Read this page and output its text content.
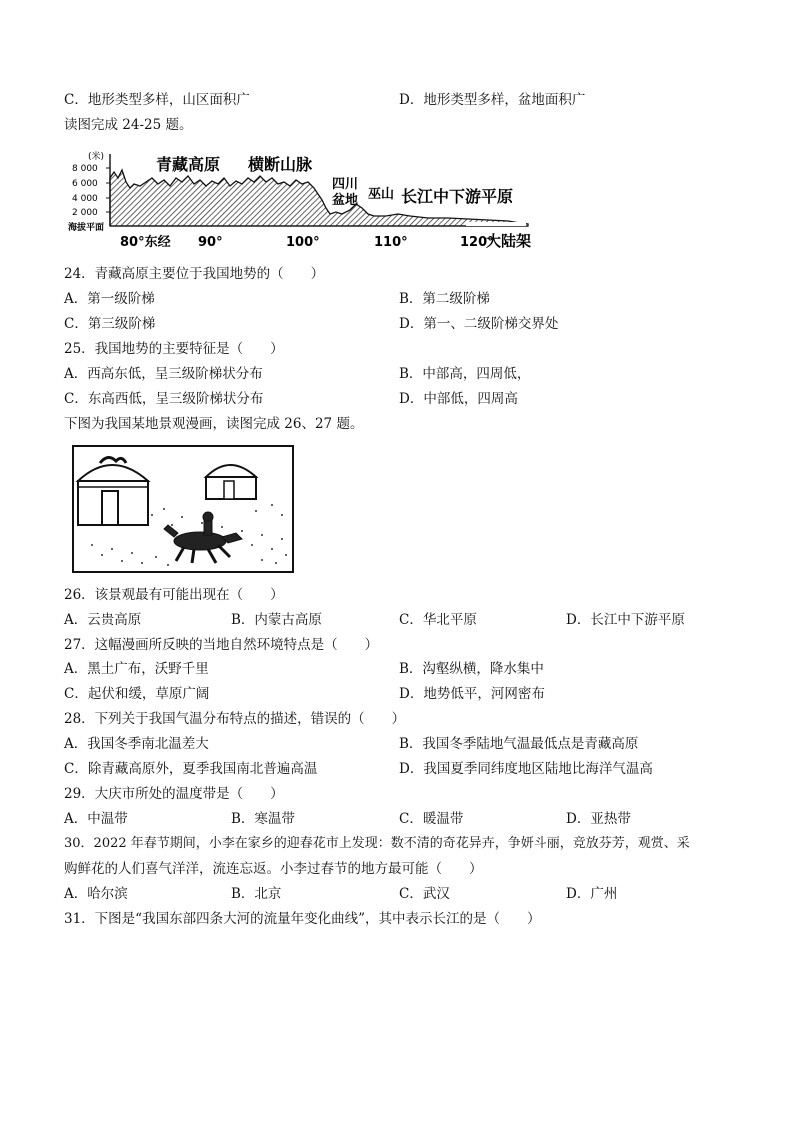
C．地形类型多样，山区面积广	D．地形类型多样，盆地面积广
读图完成 24-25 题。
(米)
8 000
6 000
4 000
2 000
海拔平面
青藏高原 横断山脉
四川
盆地 巫山 长江中下游平原
大陆架
80°东经 90°	100°	110°	120°
24．青藏高原主要位于我国地势的（　　）
A．第一级阶梯	B．第二级阶梯
C．第三级阶梯	D．第一、二级阶梯交界处
25．我国地势的主要特征是（　　）
A．西高东低，呈三级阶梯状分布	B．中部高，四周低，
C．东高西低，呈三级阶梯状分布	D．中部低，四周高
下图为我国某地景观漫画，读图完成 26、27 题。
26．该景观最有可能出现在（　　）
A．云贵高原	B．内蒙古高原	C．华北平原	D．长江中下游平原
27．这幅漫画所反映的当地自然环境特点是（　　）
A．黑土广布，沃野千里	B．沟壑纵横，降水集中
C．起伏和缓，草原广阔	D．地势低平，河网密布
28．下列关于我国气温分布特点的描述，错误的（　　）
A．我国冬季南北温差大	B．我国冬季陆地气温最低点是青藏高原
C．除青藏高原外，夏季我国南北普遍高温	D．我国夏季同纬度地区陆地比海洋气温高
29．大庆市所处的温度带是（　　）
A．中温带	B．寒温带	C．暖温带	D．亚热带
30．2022 年春节期间，小李在家乡的迎春花市上发现：数不清的奇花异卉，争妍斗丽，竞放芬芳，观赏、采
购鲜花的人们喜气洋洋，流连忘返。小李过春节的地方最可能（　　）
A．哈尔滨	B．北京	C．武汉	D．广州
31．下图是“我国东部四条大河的流量年变化曲线”，其中表示长江的是（　　）
